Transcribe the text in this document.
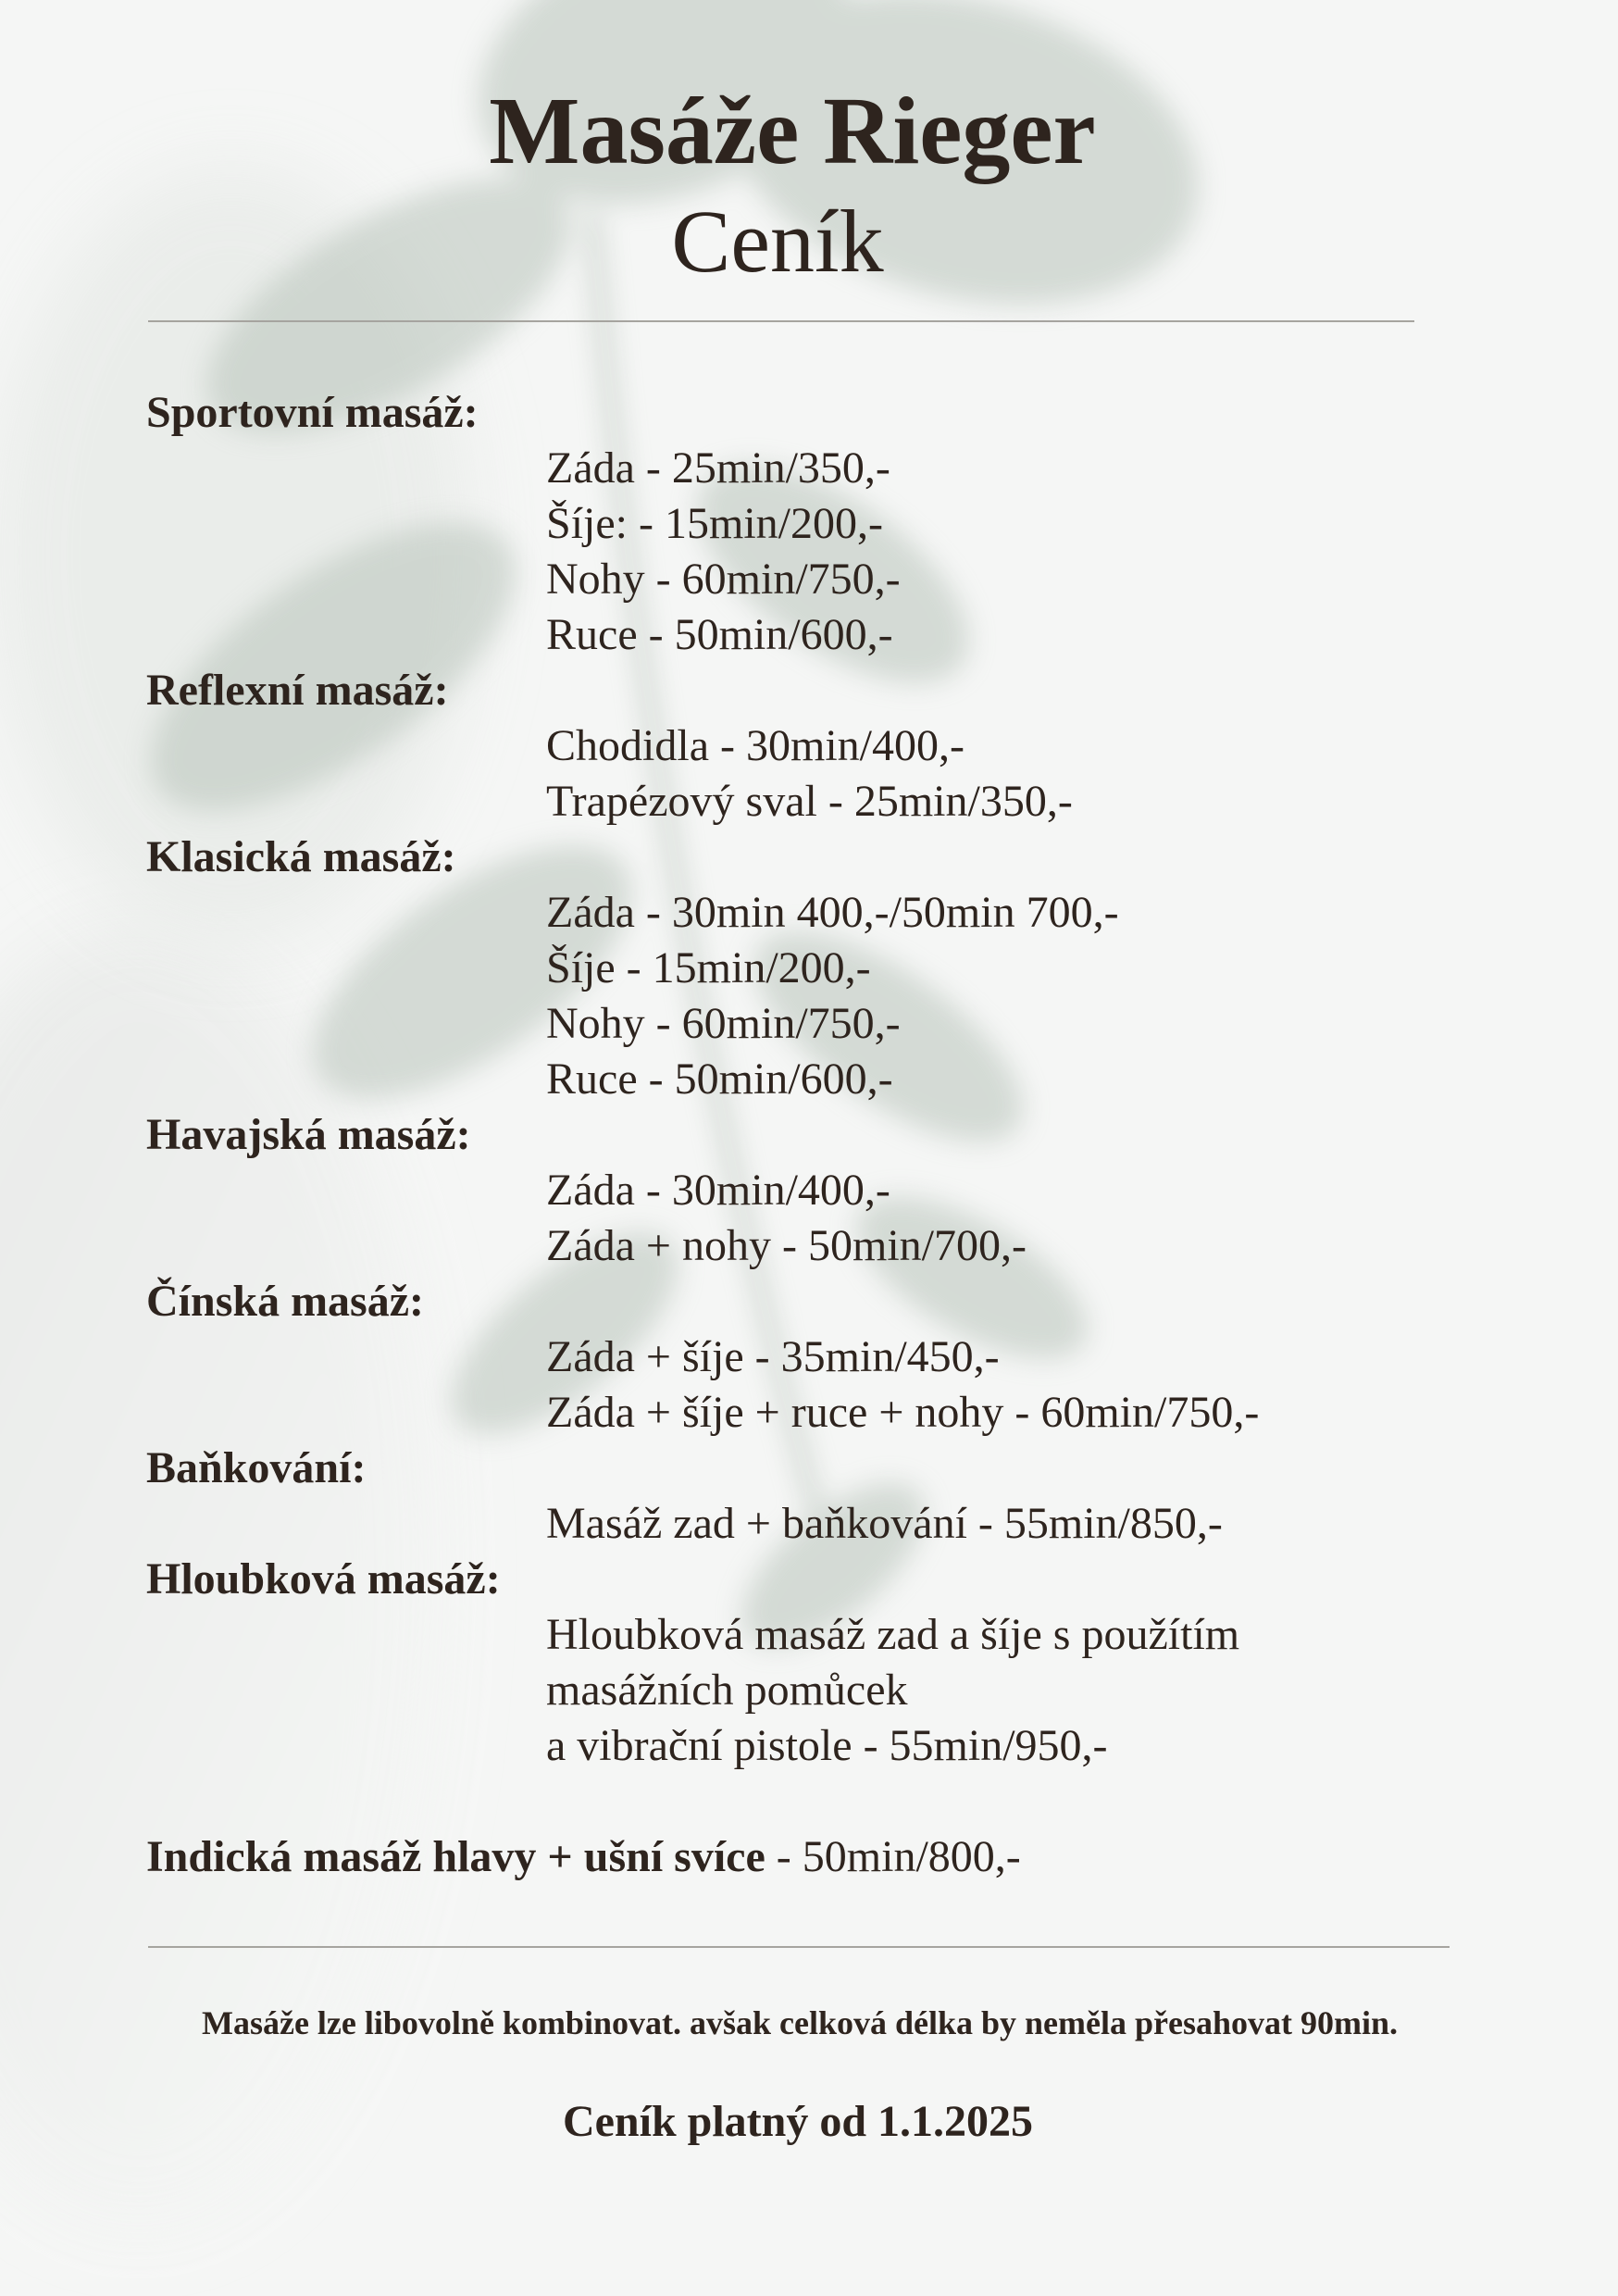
Masáže Rieger
Ceník
Sportovní masáž:
Záda - 25min/350,-
Šíje: - 15min/200,-
Nohy - 60min/750,-
Ruce - 50min/600,-
Reflexní masáž:
Chodidla - 30min/400,-
Trapézový sval - 25min/350,-
Klasická masáž:
Záda - 30min 400,-/50min 700,-
Šíje - 15min/200,-
Nohy - 60min/750,-
Ruce - 50min/600,-
Havajská masáž:
Záda - 30min/400,-
Záda + nohy - 50min/700,-
Čínská masáž:
Záda + šíje - 35min/450,-
Záda + šíje + ruce + nohy - 60min/750,-
Baňkování:
Masáž zad + baňkování - 55min/850,-
Hloubková masáž:
Hloubková masáž zad a šíje s použítím
masážních pomůcek
a vibrační pistole - 55min/950,-
Indická masáž hlavy + ušní svíce - 50min/800,-
Masáže lze libovolně kombinovat. avšak celková délka by neměla přesahovat 90min.
Ceník platný od 1.1.2025
